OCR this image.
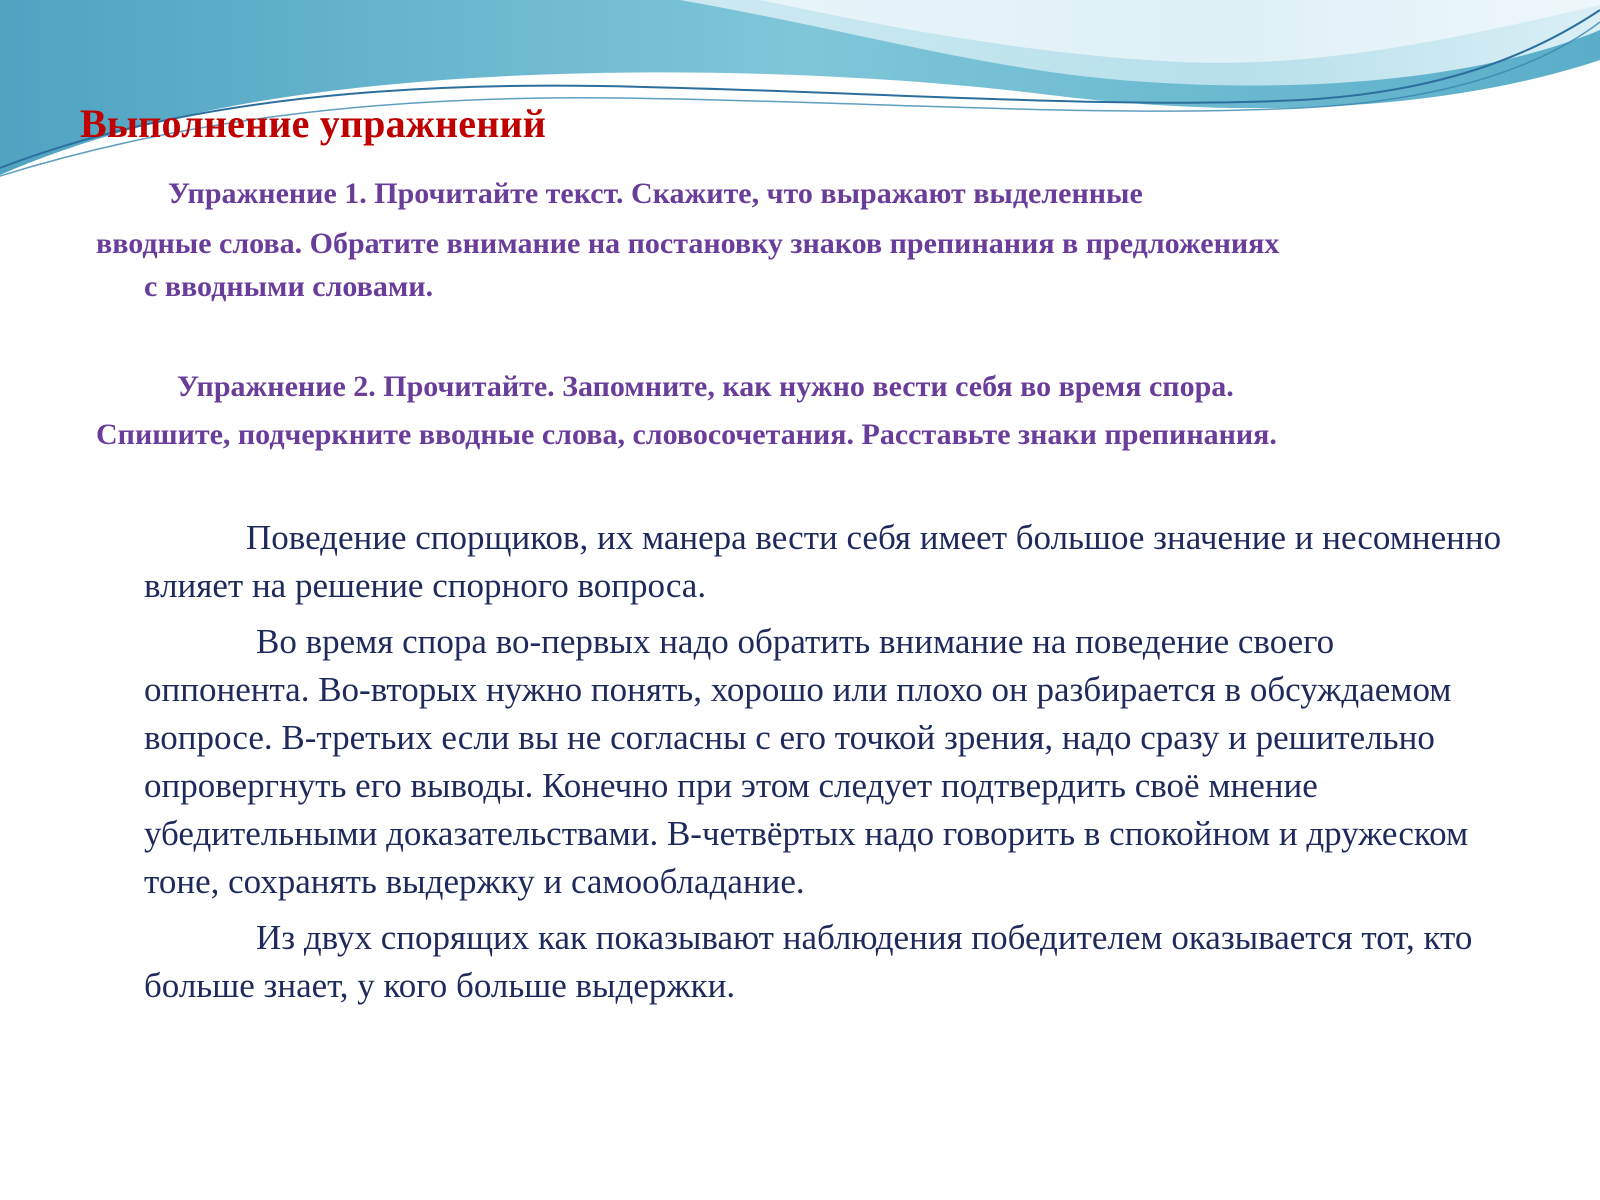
Выполнение упражнений
Упражнение 1. Прочитайте текст. Скажите, что выражают выделенные
вводные слова. Обратите внимание на постановку знаков препинания в предложениях
с вводными словами.
Упражнение 2. Прочитайте. Запомните, как нужно вести себя во время спора.
Спишите, подчеркните вводные слова, словосочетания. Расставьте знаки препинания.

Поведение спорщиков, их манера вести себя имеет большое значение и несомненно влияет на решение спорного вопроса.

Во время спора во-первых надо обратить внимание на поведение своего оппонента. Во-вторых нужно понять, хорошо или плохо он разбирается в обсуждаемом вопросе. В-третьих если вы не согласны с его точкой зрения, надо сразу и решительно опровергнуть его выводы. Конечно при этом следует подтвердить своё мнение убедительными доказательствами. В-четвёртых надо говорить в спокойном и дружеском тоне, сохранять выдержку и самообладание.

Из двух спорящих как показывают наблюдения победителем оказывается тот, кто больше знает, у кого больше выдержки.
